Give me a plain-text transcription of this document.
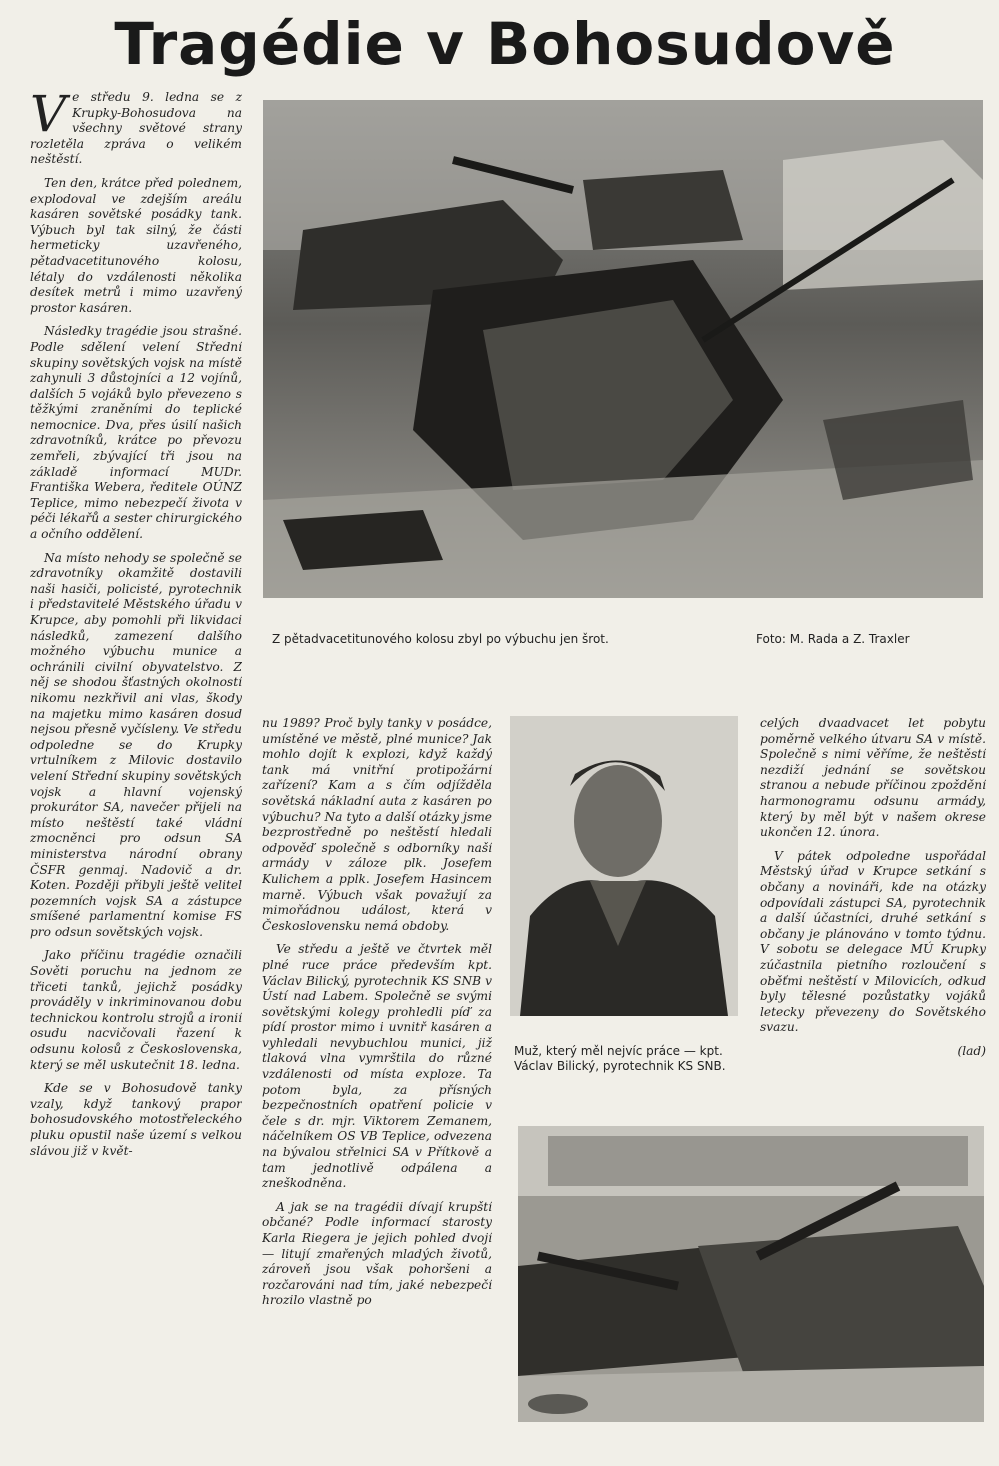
Tragédie v Bohosudově

Ve středu 9. ledna se z Krupky-Bohosudova na všechny světové strany rozletěla zpráva o velikém neštěstí.

Ten den, krátce před polednem, explodoval ve zdejším areálu kasáren sovětské posádky tank. Výbuch byl tak silný, že části hermeticky uzavřeného, pětadvacetitunového kolosu, létaly do vzdálenosti několika desítek metrů i mimo uzavřený prostor kasáren.

Následky tragédie jsou strašné. Podle sdělení velení Střední skupiny sovětských vojsk na místě zahynuli 3 důstojníci a 12 vojínů, dalších 5 vojáků bylo převezeno s těžkými zraněními do teplické nemocnice. Dva, přes úsilí našich zdravotníků, krátce po převozu zemřeli, zbývající tři jsou na základě informací MUDr. Františka Webera, ředitele OÚNZ Teplice, mimo nebezpečí života v péči lékařů a sester chirurgického a očního oddělení.

Na místo nehody se společně se zdravotníky okamžitě dostavili naši hasiči, policisté, pyrotechnik i představitelé Městského úřadu v Krupce, aby pomohli při likvidaci následků, zamezení dalšího možného výbuchu munice a ochránili civilní obyvatelstvo. Z něj se shodou šťastných okolností nikomu nezkřivil ani vlas, škody na majetku mimo kasáren dosud nejsou přesně vyčísleny. Ve středu odpoledne se do Krupky vrtulníkem z Milovic dostavilo velení Střední skupiny sovětských vojsk a hlavní vojenský prokurátor SA, navečer přijeli na místo neštěstí také vládní zmocněnci pro odsun SA ministerstva národní obrany ČSFR genmaj. Nadovič a dr. Koten. Později přibyli ještě velitel pozemních vojsk SA a zástupce smíšené parlamentní komise FS pro odsun sovětských vojsk.

Jako příčinu tragédie označili Sověti poruchu na jednom ze třiceti tanků, jejichž posádky prováděly v inkriminovanou dobu technickou kontrolu strojů a ironií osudu nacvičovali řazení k odsunu kolosů z Československa, který se měl uskutečnit 18. ledna.

Kde se v Bohosudově tanky vzaly, když tankový prapor bohosudovského motostřeleckého pluku opustil naše území s velkou slávou již v květ-

Z pětadvacetitunového kolosu zbyl po výbuchu jen šrot.	Foto: M. Rada a Z. Traxler

nu 1989? Proč byly tanky v posádce, umístěné ve městě, plné munice? Jak mohlo dojít k explozi, když každý tank má vnitřní protipožární zařízení? Kam a s čím odjížděla sovětská nákladní auta z kasáren po výbuchu? Na tyto a další otázky jsme bezprostředně po neštěstí hledali odpověď společně s odborníky naší armády v záloze plk. Josefem Kulichem a pplk. Josefem Hasincem marně. Výbuch však považují za mimořádnou událost, která v Československu nemá obdoby.

Ve středu a ještě ve čtvrtek měl plné ruce práce především kpt. Václav Bilický, pyrotechnik KS SNB v Ústí nad Labem. Společně se svými sovětskými kolegy prohledli píď za pídí prostor mimo i uvnitř kasáren a vyhledali nevybuchlou munici, již tlaková vlna vymrštila do různé vzdálenosti od místa exploze. Ta potom byla, za přísných bezpečnostních opatření policie v čele s dr. mjr. Viktorem Zemanem, náčelníkem OS VB Teplice, odvezena na bývalou střelnici SA v Přítkově a tam jednotlivě odpálena a zneškodněna.

A jak se na tragédii dívají krupští občané? Podle informací starosty Karla Riegera je jejich pohled dvojí — litují zmařených mladých životů, zároveň jsou však pohoršeni a rozčarováni nad tím, jaké nebezpečí hrozilo vlastně po

Muž, který měl nejvíc práce — kpt. Václav Bilický, pyrotechnik KS SNB.

celých dvaadvacet let pobytu poměrně velkého útvaru SA v místě. Společně s nimi věříme, že neštěstí nezdiží jednání se sovětskou stranou a nebude příčinou zpoždění harmonogramu odsunu armády, který by měl být v našem okrese ukončen 12. února.

V pátek odpoledne uspořádal Městský úřad v Krupce setkání s občany a novináři, kde na otázky odpovídali zástupci SA, pyrotechnik a další účastníci, druhé setkání s občany je plánováno v tomto týdnu. V sobotu se delegace MÚ Krupky zúčastnila pietního rozloučení s oběťmi neštěstí v Milovicích, odkud byly tělesné pozůstatky vojáků letecky převezeny do Sovětského svazu.

(lad)
